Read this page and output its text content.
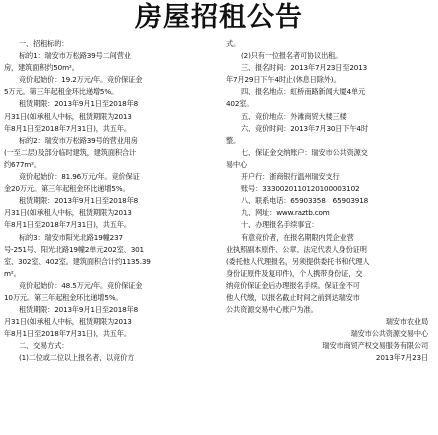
房屋招租公告
一、招租标的：
标的1：瑞安市万松路39号二间营业
房，建筑面积约50m²。
竞价起始价：19.2万元/年。竞价保证金
5万元。第三年起租金环比递增5%。
租赁期限：2013年9月1日至2018年8
月31日(如承租人中标，租赁期限为2013
年8月1日至2018年7月31日)，共五年。
标的2：瑞安市万松路39号的营业用房
(一至二层)及部分临时建筑，建筑面积合计
约677m²。
竞价起始价：81.96万元/年。竞价保证
金20万元。第三年起租金环比递增5%。
租赁期限：2013年9月1日至2018年8
月31日(如承租人中标，租赁期限为2013
年8月1日至2018年7月31日)，共五年。
标的3：瑞安市阳光北路19幢237
号-251号、阳光北路19幢2单元202室、301
室、302室、402室。建筑面积合计约1135.39
m²。
竞价起始价：48.5万元/年。竞价保证金
10万元。第三年起租金环比递增5%。
租赁期限：2013年9月1日至2018年8
月31日(如承租人中标，租赁期限为2013
年8月1日至2018年7月31日)，共五年。
二、交易方式：
(1)二位或二位以上报名者，以竞价方
式。
(2)只有一位报名者可协议出租。
三、报名时间：2013年7月23日至2013
年7月29日下午4时止(休息日除外)。
四、报名地点：虹桥南路新闻大厦4单元
402室。
五、竞价地点：外滩商贸大楼三楼
六、竞价时间：2013年7月30日下午4时
整。
七、保证金交纳账户：瑞安市公共资源交
易中心
开户行：浙商银行温州瑞安支行
账号：3330020110120100003102
八、联系电话：65903358　65903918
九、网址：www.raztb.com
十、办理报名手续事宜：
有意竞价者，在报名期限内凭企业营
业执照副本原件、公章、法定代表人身份证明
(委托他人代理报名，另须提供委托书和代理人
身份证原件及复印件)，个人携带身份证，交
纳竞价保证金后办理报名手续。保证金不可
他人代缴，以报名截止时间之前到达瑞安市
公共资源交易中心账户为准。
瑞安市农业局
瑞安市公共资源交易中心
瑞安市商贸产权交易服务有限公司
2013年7月23日
